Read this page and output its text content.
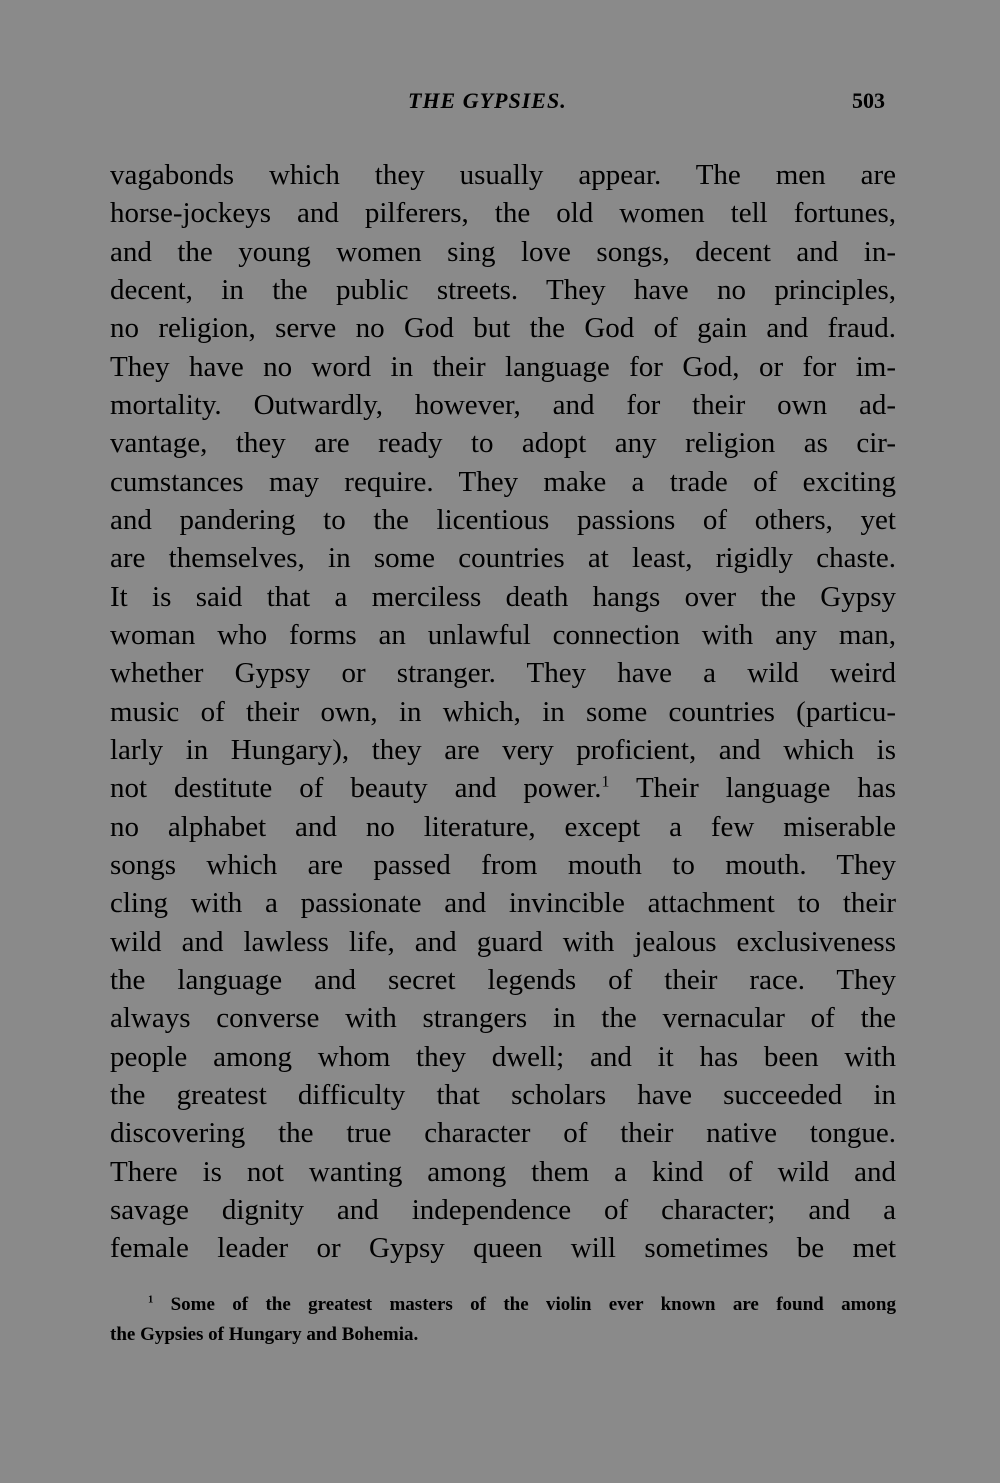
THE GYPSIES.	503
vagabonds which they usually appear. The men are
horse-jockeys and pilferers, the old women tell fortunes,
and the young women sing love songs, decent and in-
decent, in the public streets. They have no principles,
no religion, serve no God but the God of gain and fraud.
They have no word in their language for God, or for im-
mortality. Outwardly, however, and for their own ad-
vantage, they are ready to adopt any religion as cir-
cumstances may require. They make a trade of exciting
and pandering to the licentious passions of others, yet
are themselves, in some countries at least, rigidly chaste.
It is said that a merciless death hangs over the Gypsy
woman who forms an unlawful connection with any man,
whether Gypsy or stranger. They have a wild weird
music of their own, in which, in some countries (particu-
larly in Hungary), they are very proficient, and which is
not destitute of beauty and power.$^1$ Their language has
no alphabet and no literature, except a few miserable
songs which are passed from mouth to mouth. They
cling with a passionate and invincible attachment to their
wild and lawless life, and guard with jealous exclusiveness
the language and secret legends of their race. They
always converse with strangers in the vernacular of the
people among whom they dwell; and it has been with
the greatest difficulty that scholars have succeeded in
discovering the true character of their native tongue.
There is not wanting among them a kind of wild and
savage dignity and independence of character; and a
female leader or Gypsy queen will sometimes be met
$^1$ Some of the greatest masters of the violin ever known are found among
the Gypsies of Hungary and Bohemia.
